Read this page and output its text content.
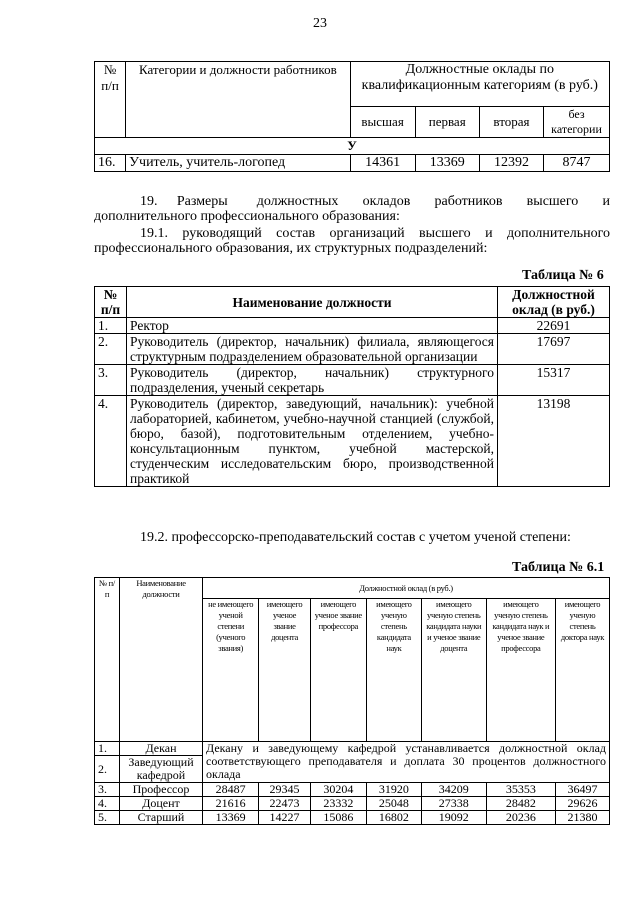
23
№ п/п	Категории и должности работников	Должностные оклады по квалификационным категориям (в руб.)			
		высшая	первая	вторая	без категории
У					
16.	Учитель, учитель-логопед	14361	13369	12392	8747
19.    Размеры      должностных     окладов     работников     высшего     и дополнительного профессионального образования:
19.1. руководящий состав организаций высшего и дополнительного профессионального образования, их структурных подразделений:
Таблица № 6
№ п/п	Наименование должности	Должностной оклад (в руб.)
1.	Ректор	22691
2.	Руководитель (директор, начальник) филиала, являющегося структурным подразделением образовательной организации	17697
3.	Руководитель (директор, начальник) структурного подразделения, ученый секретарь	15317
4.	Руководитель (директор, заведующий, начальник): учебной лабораторией, кабинетом, учебно-научной станцией (службой, бюро, базой), подготовительным отделением, учебно-консультационным пунктом, учебной мастерской, студенческим исследовательским бюро, производственной практикой	13198
19.2. профессорско-преподавательский состав с учетом ученой степени:
Таблица № 6.1
№ п/ п	Наименование должности	Должностной оклад (в руб.)						
		не имеющего ученой степени (ученого звания)	имеющего ученое звание доцента	имеющего ученое звание профессора	имеющего ученую степень кандидата наук	имеющего ученую степень кандидата науки и ученое звание доцента	имеющего ученую степень кандидата наук и ученое звание профессора	имеющего ученую степень доктора наук
1.	Декан	Декану и заведующему кафедрой устанавливается должностной оклад соответствующего преподавателя и доплата 30 процентов должностного оклада						
2.	Заведующий кафедрой							
3.	Профессор	28487	29345	30204	31920	34209	35353	36497
4.	Доцент	21616	22473	23332	25048	27338	28482	29626
5.	Старший	13369	14227	15086	16802	19092	20236	21380
